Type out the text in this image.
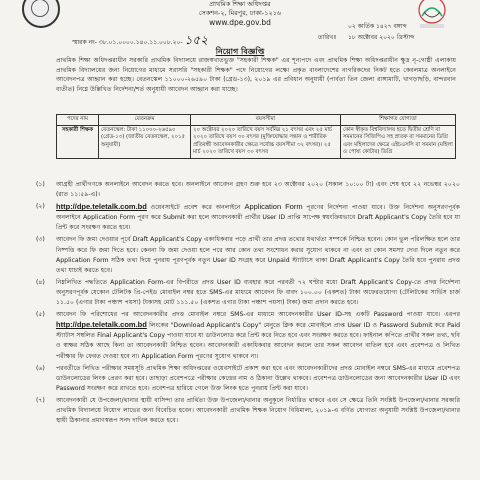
প্রাথমিক শিক্ষা অধিদপ্তর
সেকশন-২, মিরপুর, ঢাকা-১২১৬
www.dpe.gov.bd
স্মারক নং- ৩৮.০১.০০০০.১৪০.১১.০০৮.২০- ১৫২
০২ কার্তিক ১৪২৭ বঙ্গাব্দ
তারিখঃ ১৮ অক্টোবর ২০২০ খ্রিস্টাব্দ
নিয়োগ বিজ্ঞপ্তি
প্রাথমিক শিক্ষা অধিদপ্তরাধীন সরকারি প্রাথমিক বিদ্যালয়ে রাজস্বখাতভুক্ত "সহকারী শিক্ষক" এর শূন্যপদে এবং প্রাথমিক শিক্ষা অধিদপ্তরাধীন ক্ষুদ্র নৃ-গোষ্ঠী এলাকায় প্রাথমিক বিদ্যালয়ের জন্য নিয়োগের মাধ্যমে সরাসরি "সহকারী শিক্ষক" পদে নিয়োগের লক্ষ্যে প্রকৃত বাংলাদেশের নাগরিকদের নিকট হতে কেবলমাত্র অনলাইনে আবেদনপত্র আহ্বান করা হচ্ছে। বেতনস্কেল ১১০০০-২৬৫৯০ টাকা (গ্রেড-১৩), ২০১৯ এর প্রবিধান অনুযায়ী (পার্বত্য তিন জেলা রাঙ্গামাটি, খাগড়াছড়ি, বান্দরবান ব্যতীত) নিম্নে উল্লিখিত নির্দেশনা/শর্ত অনুযায়ী আবেদন আহ্বান করা যাচ্ছে।
পদের নাম	বেতনক্রম	বয়সসীমা	শিক্ষাগত যোগ্যতা
সহকারী শিক্ষক	বেতনস্কেল: টাকা ১১০০০-২৬৫৯০ (গ্রেড-১৩) (জাতীয় বেতনস্কেল, ২০১৫ অনুযায়ী)	২০ অক্টোবর ২০২০ তারিখে বয়স সর্বনিম্ন ২১ বৎসর এবং ২৫ মার্চ ২০২০ তারিখে বয়স ৩০ বৎসর (মুক্তিযোদ্ধার সন্তান ও শারীরিক প্রতিবন্ধী আবেদনকারীর ক্ষেত্রে সর্বোচ্চ বয়সসীমা ৩২ বৎসর)। ২৫ মার্চ ২০২০ তারিখে বয়স ৩০ বৎসর	কোন স্বীকৃত বিশ্ববিদ্যালয় হতে দ্বিতীয় শ্রেণি বা সমমানের সিজিপিএ সহ স্নাতক বা সমমানের ডিগ্রি এবং মহিলাদের ক্ষেত্রে এইচএসসি বা সমমান (মহিলা ও পোষ্য কোটার) ডিগ্রি
(১)	আগ্রহী প্রার্থীগণকে অনলাইনে আবেদন করতে হবে। অনলাইনে আবেদন গ্রহণ শুরু হবে ২৩ অক্টোবর ২০২০ (সকাল ১০:০০ টা) এবং শেষ হবে ২২ নভেম্বর ২০২০ (রাত ১১:৫৯-এ)।
(২)	http://dpe.teletalk.com.bd ওয়েবসাইটে প্রবেশ করে অনলাইনে Application Form পূরণের নির্দেশনা পাওয়া যাবে। উক্ত নির্দেশনা অনুসরণপূর্বক অনলাইনে Application Form পূরণ করে Submit করা হলে আবেদনকারী প্রার্থীর User ID প্রাপ্তি সাপেক্ষ স্বয়ংক্রিয়ভাবে Draft Applicant's Copy তৈরি হবে যা প্রিন্ট করে সংরক্ষণ করতে হবে।
(৩)	আবেদন ফি জমা দেওয়ার পূর্বে Draft Applicant's Copy একাধিকবার পড়ে প্রার্থী তার প্রদত্ত তথ্যের যথার্থতা সম্পর্কে নিশ্চিত হবেন। কোন ভুল পরিলক্ষিত হলে তার নিষ্পত্তি করে ফি জমা দিতে হবে। কেননা ফি জমা দেওয়া হলে পরে আর কোন তথ্য সংশোধন করার সুযোগ থাকবে না এবং তা কোন সমস্যা দেখা দিলে নতুন করে Application Form সঠিক তথ্য দিয়ে পুনরায় পূরণপূর্বক নতুন User ID সংগ্রহ করে Unpaid স্ট্যাটাসে থাকা Draft Applicant's Copy তৈরি হবে পুনরায় প্রদত্ত তথ্য যাচাই করতে হবে।
(৪)	নিম্নলিখিত পদ্ধতিতে Application Form-এর বিপরীতে প্রদত্ত User ID ব্যবহার করে পরবর্তী ৭২ ঘণ্টার মধ্যে Draft Applicant's Copy-তে প্রদত্ত নির্দেশনা অনুসরণপূর্বক যেকোন টেলিটক প্রি-পেইড মোবাইল নম্বর হতে SMS-এর মাধ্যমে আবেদন ফি বাবদ ১০০.০০ (একশত) টাকা অফেরতযোগ্য (টেলিটকের সার্ভিস চার্জ ১১.৫০ (এগার টাকা পঞ্চাশ পয়সা) টাকাসহ মোট ১১১.৫০ (একশত এগার টাকা পঞ্চাশ পয়সা) টাকা) জমা প্রদান করতে হবে।
(৫)	আবেদন ফি পরিশোধের পর আবেদনকারীর প্রদত্ত মোবাইল নম্বরে SMS-এর মাধ্যমে আবেদনকারীর User ID-সহ একটি Password পাওয়া যাবে। এরপর http://dpe.teletalk.com.bd লিংকের "Download Applicant's Copy" মেনুতে ক্লিক করে মোবাইলে প্রাপ্ত User ID ও Password Submit করে Paid স্ট্যাটাস সম্বলিত Final Applicant's Copy পাওয়া যাবে যা ডাউনলোড করে প্রিন্ট করে নিতে হবে এবং সংরক্ষণ করতে হবে। ফাইনাল কপিতে প্রার্থীর সকল তথ্য, ছবি ও স্বাক্ষর সঠিক আছে কিনা তা আবেদনকারী নিশ্চিত হবেন। আবেদনকারী একাধিকবার আবেদন করলে তার সকল আবেদন বাতিল হবে এবং প্রবেশপত্র ও লিখিত পরীক্ষার ফি ফেরত দেওয়া হবে না। Application Form পূরণের সুযোগ থাকবে না।
(৬)	পরবর্তীতে লিখিত পরীক্ষার সময়সূচি প্রাথমিক শিক্ষা অধিদপ্তরের ওয়েবসাইটে প্রকাশ করা হবে এবং আবেদনকারীদের প্রদত্ত মোবাইল নম্বরে SMS-এর মাধ্যমে প্রবেশপত্র ডাউনলোডের লিংক প্রেরণ করা হবে। তাছাড়া প্রবেশপত্রে পরীক্ষার কেন্দ্রের নাম ও ঠিকানা উল্লেখ থাকবে। প্রবেশপত্র ডাউনলোডের জন্য আবেদনকারীর User ID এবং Password সংরক্ষণ করে রাখতে হবে। প্রবেশপত্র হারিয়ে গেলে উক্ত লিংক হতে পুনরায় প্রিন্ট করা যাবে।
(৭)	আবেদনকারী যে উপজেলা/থানার স্থায়ী বাসিন্দা তার প্রার্থিতা উক্ত উপজেলা/থানার অনুকূলে নির্ধারিত থাকবে এবং সে ক্ষেত্রে তিনি সংশ্লিষ্ট উপজেলা/থানার সরকারি প্রাথমিক বিদ্যালয়ে নিয়োগ লাভের জন্য বিবেচিত হবেন। আবেদনকারী প্রাথমিক শিক্ষক নিয়োগ বিধিমালা, ২০১৯-এ বর্ণিত যোগ্যতা অনুযায়ী সংশ্লিষ্ট উপজেলা/থানার স্থায়ী ঠিকানার প্রমাণস্বরূপ সনদ দাখিল করতে হবে।
